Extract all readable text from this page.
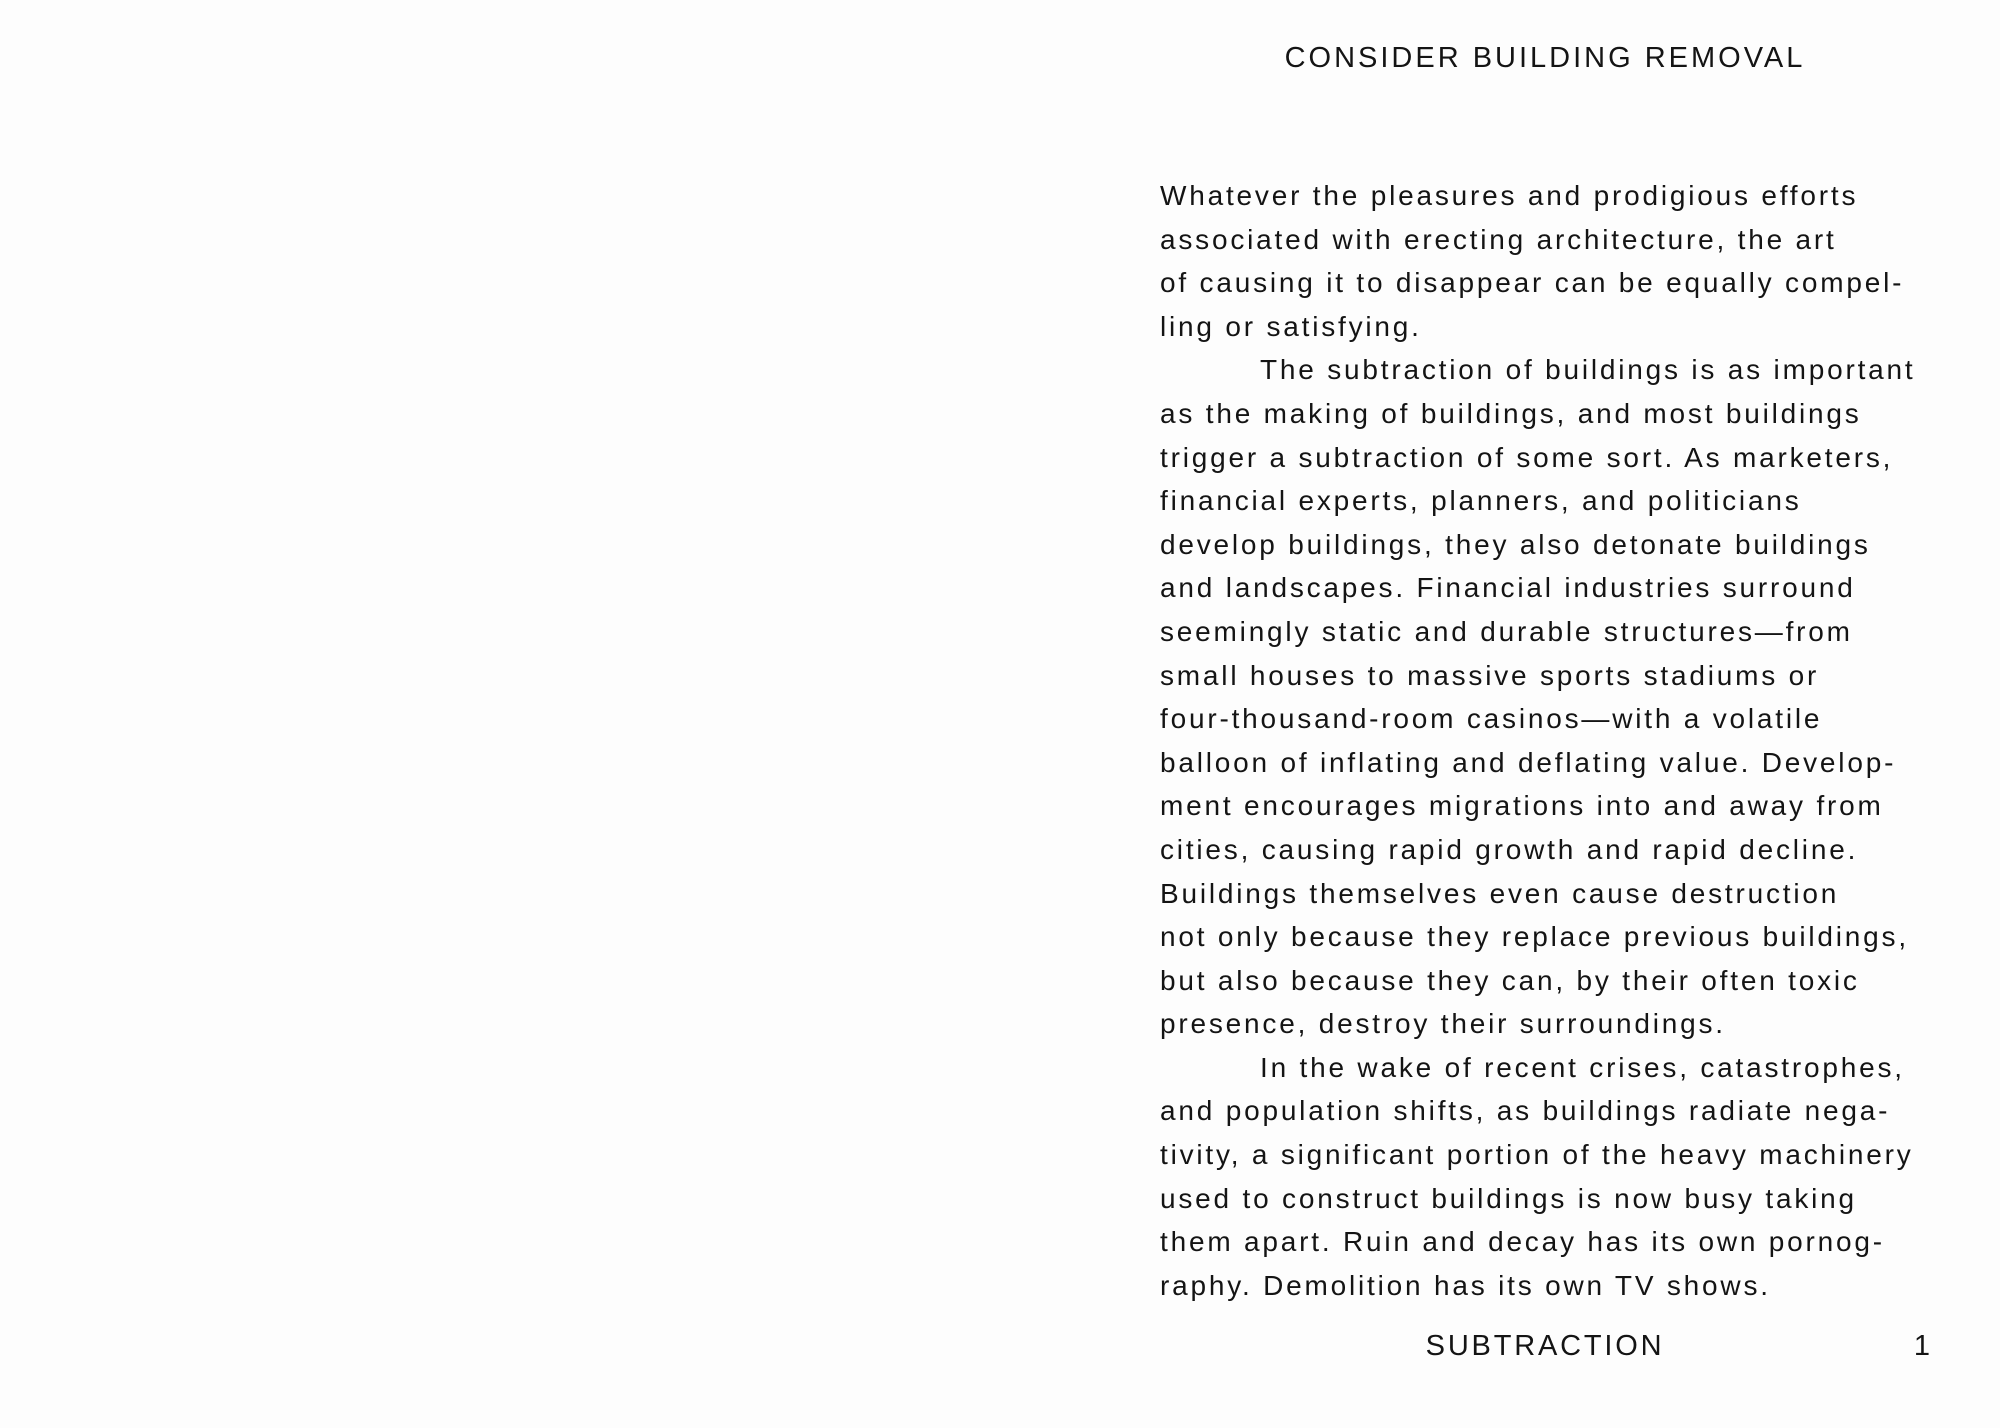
CONSIDER BUILDING REMOVAL
Whatever the pleasures and prodigious efforts
associated with erecting architecture, the art
of causing it to disappear can be equally compel-
ling or satisfying.
The subtraction of buildings is as important
as the making of buildings, and most buildings
trigger a subtraction of some sort. As marketers,
financial experts, planners, and politicians
develop buildings, they also detonate buildings
and landscapes. Financial industries surround
seemingly static and durable structures—from
small houses to massive sports stadiums or
four-thousand-room casinos—with a volatile
balloon of inflating and deflating value. Develop-
ment encourages migrations into and away from
cities, causing rapid growth and rapid decline.
Buildings themselves even cause destruction
not only because they replace previous buildings,
but also because they can, by their often toxic
presence, destroy their surroundings.
In the wake of recent crises, catastrophes,
and population shifts, as buildings radiate nega-
tivity, a significant portion of the heavy machinery
used to construct buildings is now busy taking
them apart. Ruin and decay has its own pornog-
raphy. Demolition has its own TV shows.
SUBTRACTION	1
